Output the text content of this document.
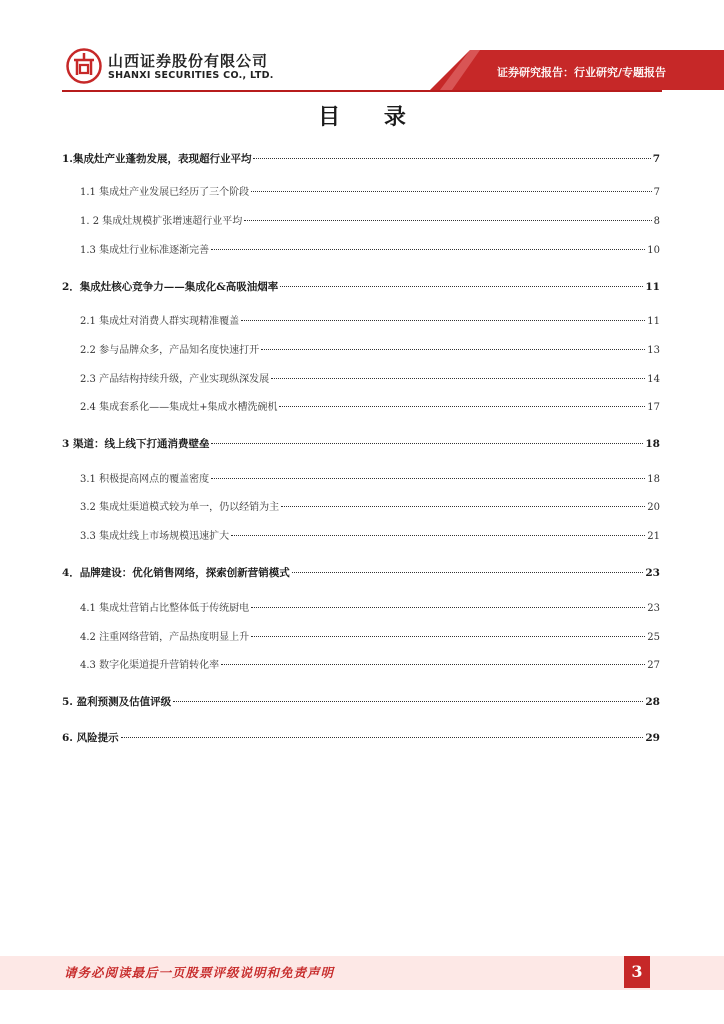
山西证券股份有限公司
SHANXI SECURITIES CO., LTD.	证券研究报告：行业研究/专题报告
目 录
1.集成灶产业蓬勃发展，表现超行业平均	7
1.1 集成灶产业发展已经历了三个阶段	7
1. 2 集成灶规模扩张增速超行业平均	8
1.3 集成灶行业标准逐渐完善	10
2．集成灶核心竞争力——集成化&高吸油烟率	11
2.1 集成灶对消费人群实现精准覆盖	11
2.2 参与品牌众多，产品知名度快速打开	13
2.3 产品结构持续升级，产业实现纵深发展	14
2.4 集成套系化——集成灶+集成水槽洗碗机	17
3 渠道：线上线下打通消费壁垒	18
3.1 积极提高网点的覆盖密度	18
3.2 集成灶渠道模式较为单一，仍以经销为主	20
3.3 集成灶线上市场规模迅速扩大	21
4．品牌建设：优化销售网络，探索创新营销模式	23
4.1 集成灶营销占比整体低于传统厨电	23
4.2 注重网络营销，产品热度明显上升	25
4.3 数字化渠道提升营销转化率	27
5. 盈利预测及估值评级	28
6. 风险提示	29
请务必阅读最后一页股票评级说明和免责声明	3
